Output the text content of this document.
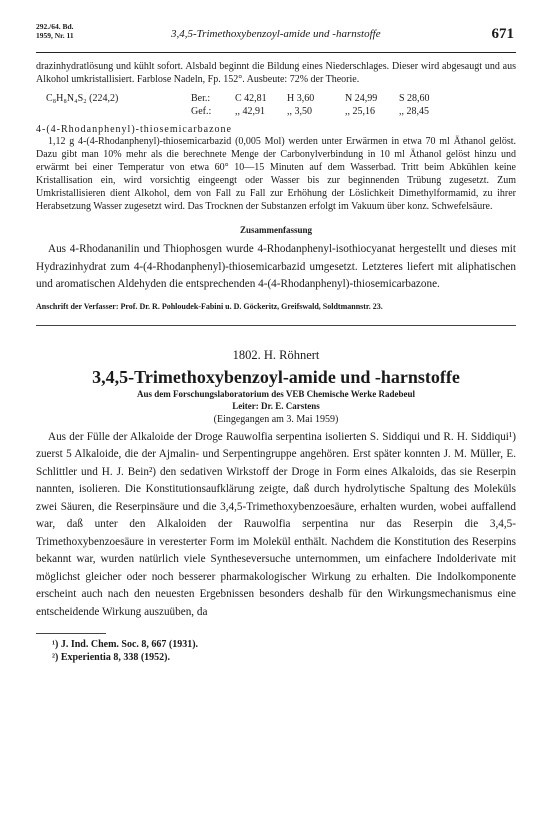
292./64. Bd.
1959, Nr. 11	3,4,5-Trimethoxybenzoyl-amide und -harnstoffe	671

drazinhydratlösung und kühlt sofort. Alsbald beginnt die Bildung eines Niederschlages. Dieser wird abgesaugt und aus Alkohol umkristallisiert. Farblose Nadeln, Fp. 152°. Ausbeute: 72% der Theorie.

C₈H₈N₄S₂ (224,2)	Ber.:	C 42,81	H 3,60	N 24,99	S 28,60
Gef.:	,, 42,91	,, 3,50	,, 25,16	,, 28,45
4-(4-Rhodanphenyl)-thiosemicarbazone

1,12 g 4-(4-Rhodanphenyl)-thiosemicarbazid (0,005 Mol) werden unter Erwärmen in etwa 70 ml Äthanol gelöst. Dazu gibt man 10% mehr als die berechnete Menge der Carbonylverbindung in 10 ml Äthanol gelöst hinzu und erwärmt bei einer Temperatur von etwa 60° 10—15 Minuten auf dem Wasserbad. Tritt beim Abkühlen keine Kristallisation ein, wird vorsichtig eingeengt oder Wasser bis zur beginnenden Trübung zugesetzt. Zum Umkristallisieren dient Alkohol, dem von Fall zu Fall zur Erhöhung der Löslichkeit Dimethylformamid, zu ihrer Herabsetzung Wasser zugesetzt wird. Das Trocknen der Substanzen erfolgt im Vakuum über konz. Schwefelsäure.

Zusammenfassung

Aus 4-Rhodananilin und Thiophosgen wurde 4-Rhodanphenyl-isothiocyanat hergestellt und dieses mit Hydrazinhydrat zum 4-(4-Rhodanphenyl)-thiosemicarbazid umgesetzt. Letzteres liefert mit aliphatischen und aromatischen Aldehyden die entsprechenden 4-(4-Rhodanphenyl)-thiosemicarbazone.

Anschrift der Verfasser: Prof. Dr. R. Pohloudek-Fabini u. D. Göckeritz, Greifswald, Soldtmannstr. 23.
1802. H. Röhnert
3,4,5-Trimethoxybenzoyl-amide und -harnstoffe
Aus dem Forschungslaboratorium des VEB Chemische Werke Radebeul
Leiter: Dr. E. Carstens
(Eingegangen am 3. Mai 1959)

Aus der Fülle der Alkaloide der Droge Rauwolfia serpentina isolierten S. Siddiqui und R. H. Siddiqui¹) zuerst 5 Alkaloide, die der Ajmalin- und Serpentingruppe angehören. Erst später konnten J. M. Müller, E. Schlittler und H. J. Bein²) den sedativen Wirkstoff der Droge in Form eines Alkaloids, das sie Reserpin nannten, isolieren. Die Konstitutionsaufklärung zeigte, daß durch hydrolytische Spaltung des Moleküls zwei Säuren, die Reserpinsäure und die 3,4,5-Trimethoxybenzoesäure, erhalten wurden, wobei auffallend war, daß unter den Alkaloiden der Rauwolfia serpentina nur das Reserpin die 3,4,5-Trimethoxybenzoesäure in veresterter Form im Molekül enthält. Nachdem die Konstitution des Reserpins bekannt war, wurden natürlich viele Syntheseversuche unternommen, um einfachere Indolderivate mit möglichst gleicher oder noch besserer pharmakologischer Wirkung zu erhalten. Die Indolkomponente erscheint auch nach den neuesten Ergebnissen besonders deshalb für den Wirkungsmechanismus eine entscheidende Wirkung auszuüben, da

¹) J. Ind. Chem. Soc. 8, 667 (1931).
²) Experientia 8, 338 (1952).
